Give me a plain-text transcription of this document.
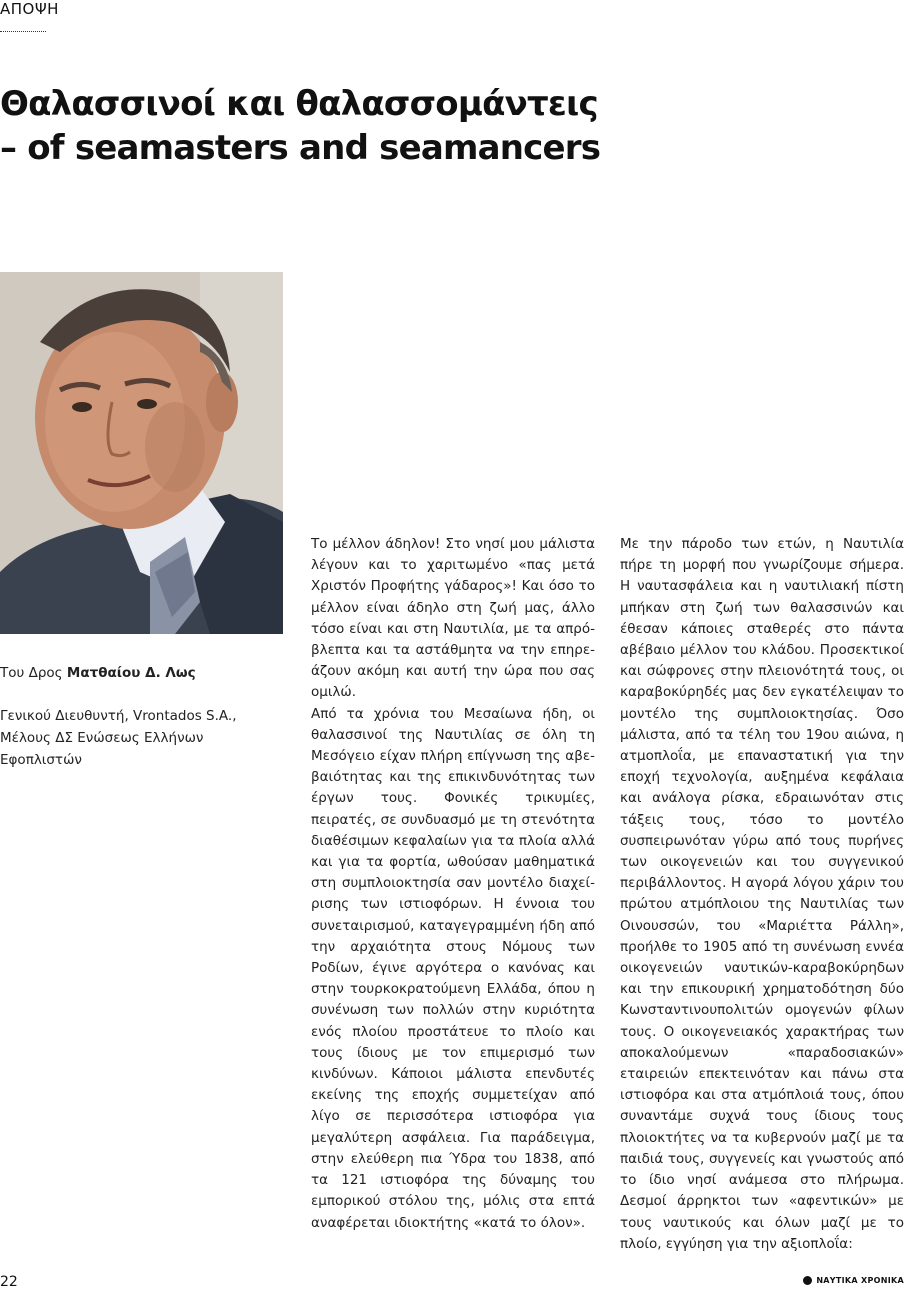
ΑΠΟΨΗ
Θαλασσινοί και θαλασσομάντεις
– of seamasters and seamancers
Του Δρος Ματθαίου Δ. Λως
Γενικού Διευθυντή, Vrontados S.A.,
Μέλους ΔΣ Ενώσεως Ελλήνων
Εφοπλιστών

Το μέλλον άδηλον! Στο νησί μου μάλιστα λέγουν και το χαριτωμένο «πας μετά Χριστόν Προφήτης γάδαρος»! Και όσο το μέλλον είναι άδηλο στη ζωή μας, άλλο τόσο είναι και στη Ναυτιλία, με τα απρόβλεπτα και τα αστάθμητα να την επηρεάζουν ακόμη και αυτή την ώρα που σας ομιλώ.

Από τα χρόνια του Μεσαίωνα ήδη, οι θαλασσινοί της Ναυτιλίας σε όλη τη Μεσόγειο είχαν πλήρη επίγνωση της αβεβαιότητας και της επικινδυνότητας των έργων τους. Φονικές τρικυμίες, πειρατές, σε συνδυασμό με τη στενότητα διαθέσιμων κεφαλαίων για τα πλοία αλλά και για τα φορτία, ωθούσαν μαθηματικά στη συμπλοιοκτησία σαν μοντέλο διαχείρισης των ιστιοφόρων. Η έννοια του συνεταιρισμού, καταγεγραμμένη ήδη από την αρχαιότητα στους Νόμους των Ροδίων, έγινε αργότερα ο κανόνας και στην τουρκοκρατούμενη Ελλάδα, όπου η συνένωση των πολλών στην κυριότητα ενός πλοίου προστάτευε το πλοίο και τους ίδιους με τον επιμερισμό των κινδύνων. Κάποιοι μάλιστα επενδυτές εκείνης της εποχής συμμετείχαν από λίγο σε περισσότερα ιστιοφόρα για μεγαλύτερη ασφάλεια. Για παράδειγμα, στην ελεύθερη πια Ύδρα του 1838, από τα 121 ιστιοφόρα της δύναμης του εμπορικού στόλου της, μόλις στα επτά αναφέρεται ιδιοκτήτης «κατά το όλον».

Με την πάροδο των ετών, η Ναυτιλία πήρε τη μορφή που γνωρίζουμε σήμερα. Η ναυτασφάλεια και η ναυτιλιακή πίστη μπήκαν στη ζωή των θαλασσινών και έθεσαν κάποιες σταθερές στο πάντα αβέβαιο μέλλον του κλάδου. Προσεκτικοί και σώφρονες στην πλειονότητά τους, οι καραβοκύρηδές μας δεν εγκατέλειψαν το μοντέλο της συμπλοιοκτησίας. Όσο μάλιστα, από τα τέλη του 19ου αιώνα, η ατμοπλοΐα, με επαναστατική για την εποχή τεχνολογία, αυξημένα κεφάλαια και ανάλογα ρίσκα, εδραιωνόταν στις τάξεις τους, τόσο το μοντέλο συσπειρωνόταν γύρω από τους πυρήνες των οικογενειών και του συγγενικού περιβάλλοντος. Η αγορά λόγου χάριν του πρώτου ατμόπλοιου της Ναυτιλίας των Οινουσσών, του «Μαριέττα Ράλλη», προήλθε το 1905 από τη συνένωση εννέα οικογενειών ναυτικών-καραβοκύρηδων και την επικουρική χρηματοδότηση δύο Κωνσταντινουπολιτών ομογενών φίλων τους. Ο οικογενειακός χαρακτήρας των αποκαλούμενων «παραδοσιακών» εταιρειών επεκτεινόταν και πάνω στα ιστιοφόρα και στα ατμόπλοιά τους, όπου συναντάμε συχνά τους ίδιους τους πλοιοκτήτες να τα κυβερνούν μαζί με τα παιδιά τους, συγγενείς και γνωστούς από το ίδιο νησί ανάμεσα στο πλήρωμα. Δεσμοί άρρηκτοι των «αφεντικών» με τους ναυτικούς και όλων μαζί με το πλοίο, εγγύηση για την αξιοπλοΐα:

22	ΝΑΥΤΙΚΑ ΧΡΟΝΙΚΑ
